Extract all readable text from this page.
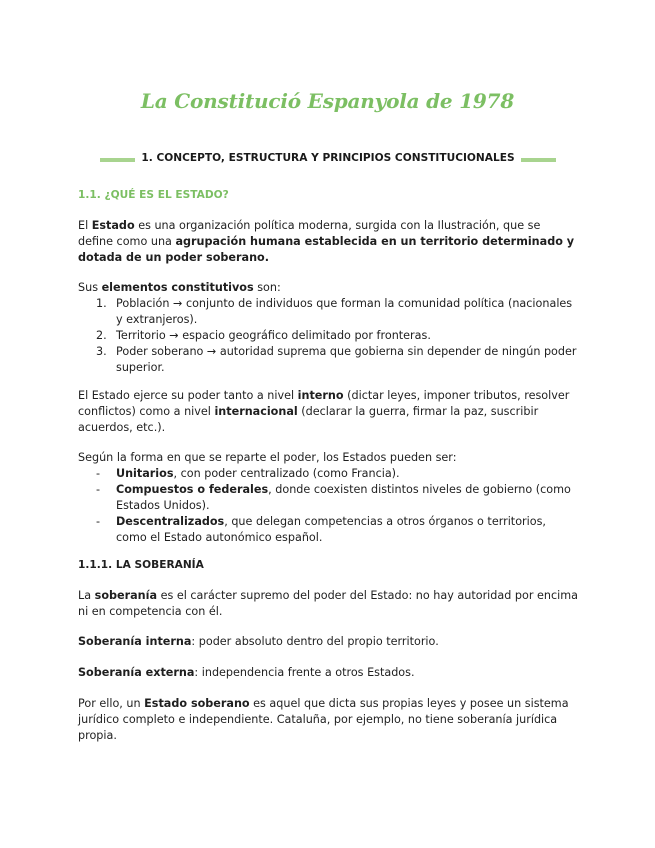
La Constitució Espanyola de 1978
1. CONCEPTO, ESTRUCTURA Y PRINCIPIOS CONSTITUCIONALES
1.1. ¿QUÉ ES EL ESTADO?

El Estado es una organización política moderna, surgida con la Ilustración, que se define como una agrupación humana establecida en un territorio determinado y dotada de un poder soberano.

Sus elementos constitutivos son:

1. Población → conjunto de individuos que forman la comunidad política (nacionales y extranjeros).
2. Territorio → espacio geográfico delimitado por fronteras.
3. Poder soberano → autoridad suprema que gobierna sin depender de ningún poder superior.

El Estado ejerce su poder tanto a nivel interno (dictar leyes, imponer tributos, resolver conflictos) como a nivel internacional (declarar la guerra, firmar la paz, suscribir acuerdos, etc.).

Según la forma en que se reparte el poder, los Estados pueden ser:

- Unitarios, con poder centralizado (como Francia).
- Compuestos o federales, donde coexisten distintos niveles de gobierno (como Estados Unidos).
- Descentralizados, que delegan competencias a otros órganos o territorios, como el Estado autonómico español.
1.1.1. LA SOBERANÍA

La soberanía es el carácter supremo del poder del Estado: no hay autoridad por encima ni en competencia con él.

Soberanía interna: poder absoluto dentro del propio territorio.

Soberanía externa: independencia frente a otros Estados.

Por ello, un Estado soberano es aquel que dicta sus propias leyes y posee un sistema jurídico completo e independiente. Cataluña, por ejemplo, no tiene soberanía jurídica propia.
